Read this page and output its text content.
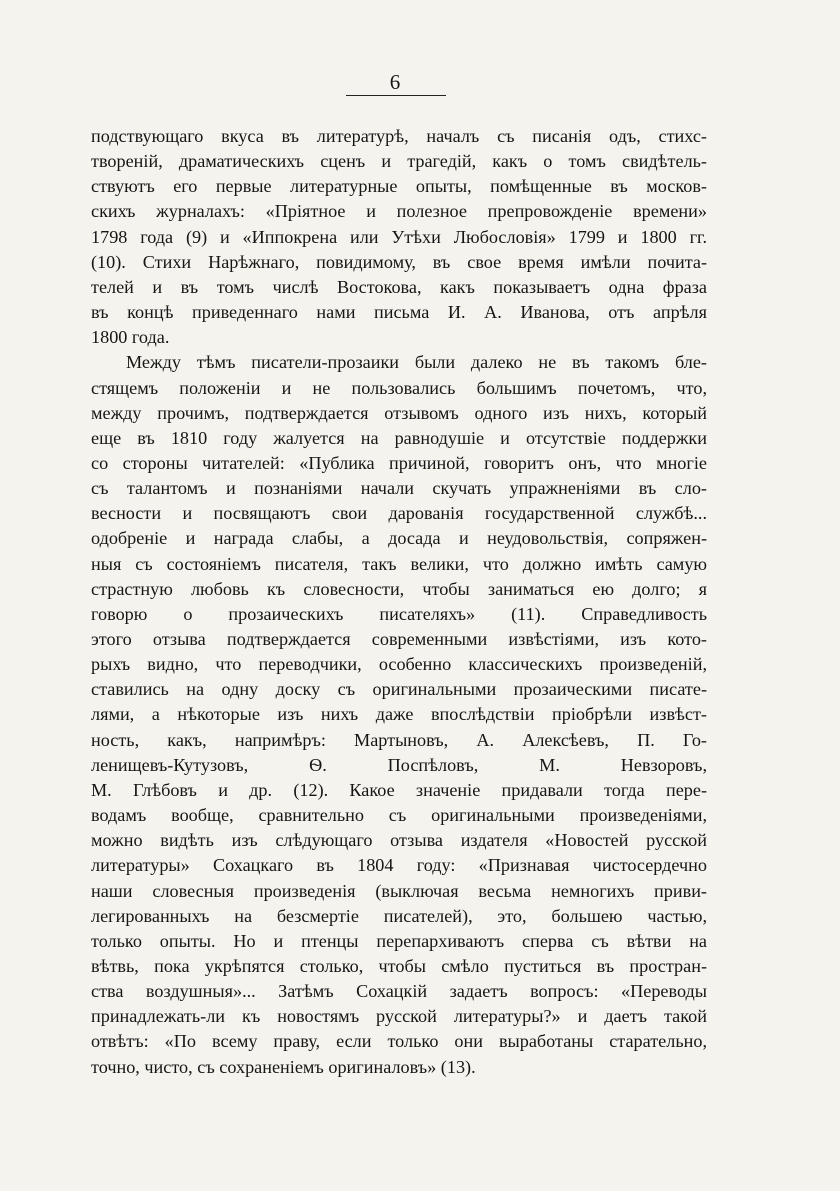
6
подствующаго вкуса въ литературѣ, началъ съ писанія одъ, стихс-
твореній, драматическихъ сценъ и трагедій, какъ о томъ свидѣтель-
ствуютъ его первые литературные опыты, помѣщенные въ москов-
скихъ журналахъ: «Пріятное и полезное препровожденіе времени»
1798 года (9) и «Иппокрена или Утѣхи Любословія» 1799 и 1800 гг.
(10). Стихи Нарѣжнаго, повидимому, въ свое время имѣли почита-
телей и въ томъ числѣ Востокова, какъ показываетъ одна фраза
въ концѣ приведеннаго нами письма И. А. Иванова, отъ апрѣля
1800 года.
Между тѣмъ писатели-прозаики были далеко не въ такомъ бле-
стящемъ положеніи и не пользовались большимъ почетомъ, что,
между прочимъ, подтверждается отзывомъ одного изъ нихъ, который
еще въ 1810 году жалуется на равнодушіе и отсутствіе поддержки
со стороны читателей: «Публика причиной, говоритъ онъ, что многіе
съ талантомъ и познаніями начали скучать упражненіями въ сло-
весности и посвящаютъ свои дарованія государственной службѣ...
одобреніе и награда слабы, а досада и неудовольствія, сопряжен-
ныя съ состояніемъ писателя, такъ велики, что должно имѣть самую
страстную любовь къ словесности, чтобы заниматься ею долго; я
говорю о прозаическихъ писателяхъ» (11). Справедливость
этого отзыва подтверждается современными извѣстіями, изъ кото-
рыхъ видно, что переводчики, особенно классическихъ произведеній,
ставились на одну доску съ оригинальными прозаическими писате-
лями, а нѣкоторые изъ нихъ даже впослѣдствіи пріобрѣли извѣст-
ность, какъ, напримѣръ: Мартыновъ, А. Алексѣевъ, П. Го-
ленищевъ-Кутузовъ, Ѳ. Поспѣловъ, М. Невзоровъ,
М. Глѣбовъ и др. (12). Какое значеніе придавали тогда пере-
водамъ вообще, сравнительно съ оригинальными произведеніями,
можно видѣть изъ слѣдующаго отзыва издателя «Новостей русской
литературы» Сохацкаго въ 1804 году: «Признавая чистосердечно
наши словесныя произведенія (выключая весьма немногихъ приви-
легированныхъ на безсмертіе писателей), это, большею частью,
только опыты. Но и птенцы перепархиваютъ сперва съ вѣтви на
вѣтвь, пока укрѣпятся столько, чтобы смѣло пуститься въ простран-
ства воздушныя»... Затѣмъ Сохацкій задаетъ вопросъ: «Переводы
принадлежать-ли къ новостямъ русской литературы?» и даетъ такой
отвѣтъ: «По всему праву, если только они выработаны старательно,
точно, чисто, съ сохраненіемъ оригиналовъ» (13).
